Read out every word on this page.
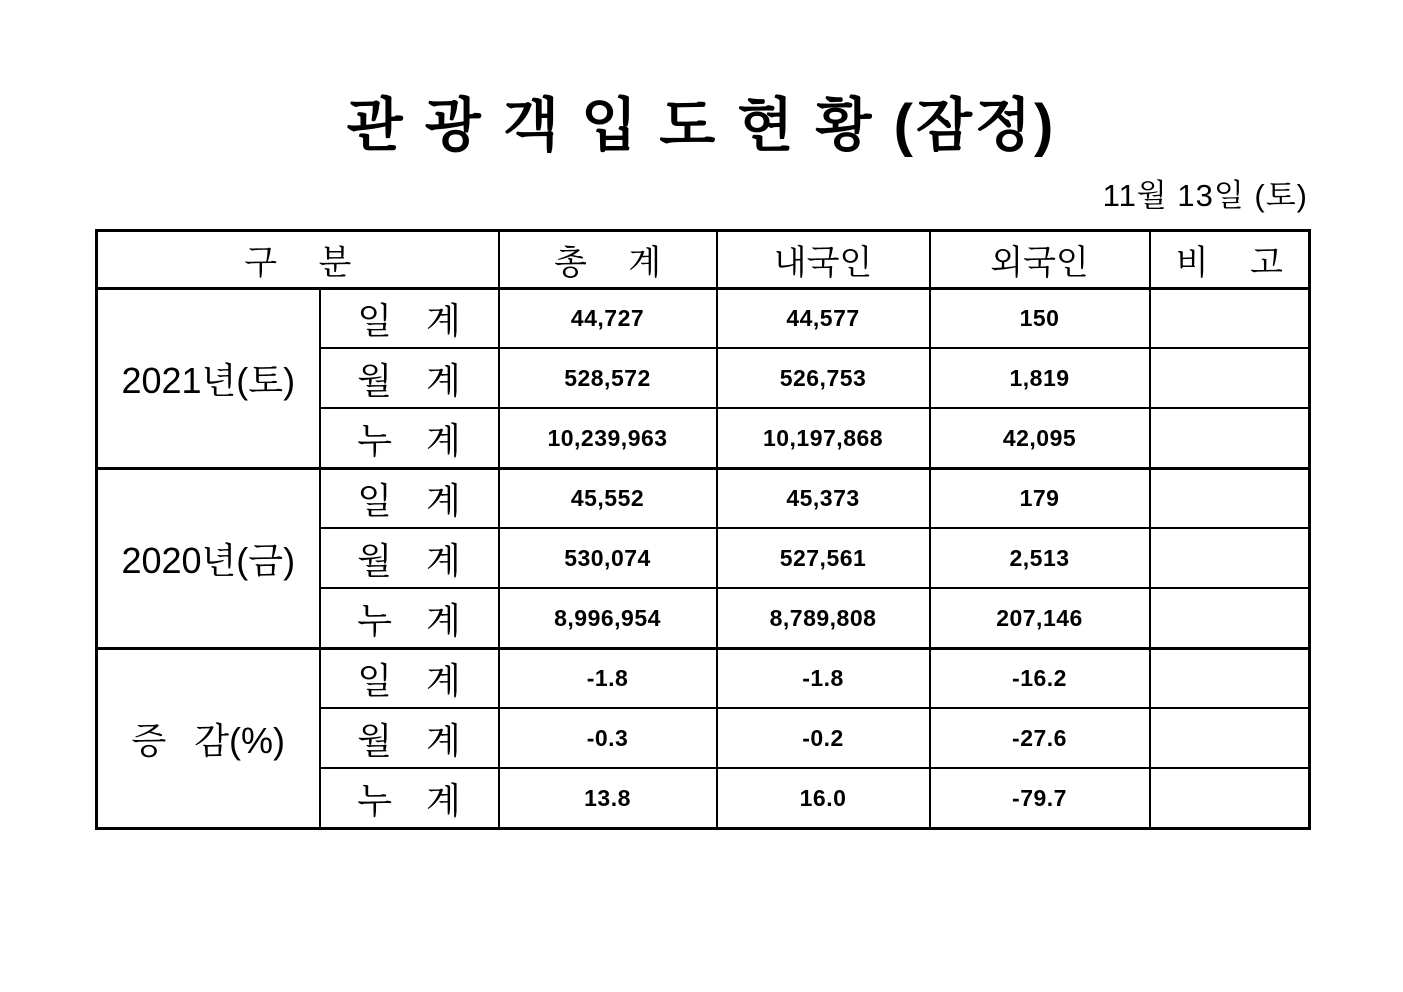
관 광 객 입 도 현 황 (잠정)
11월 13일 (토)
구 분		총 계	내국인	외국인	비 고
2021년(토)	일 계	44,727	44,577	150	
	월 계	528,572	526,753	1,819	
	누 계	10,239,963	10,197,868	42,095	
2020년(금)	일 계	45,552	45,373	179	
	월 계	530,074	527,561	2,513	
	누 계	8,996,954	8,789,808	207,146	
증 감(%)	일 계	-1.8	-1.8	-16.2	
	월 계	-0.3	-0.2	-27.6	
	누 계	13.8	16.0	-79.7	
